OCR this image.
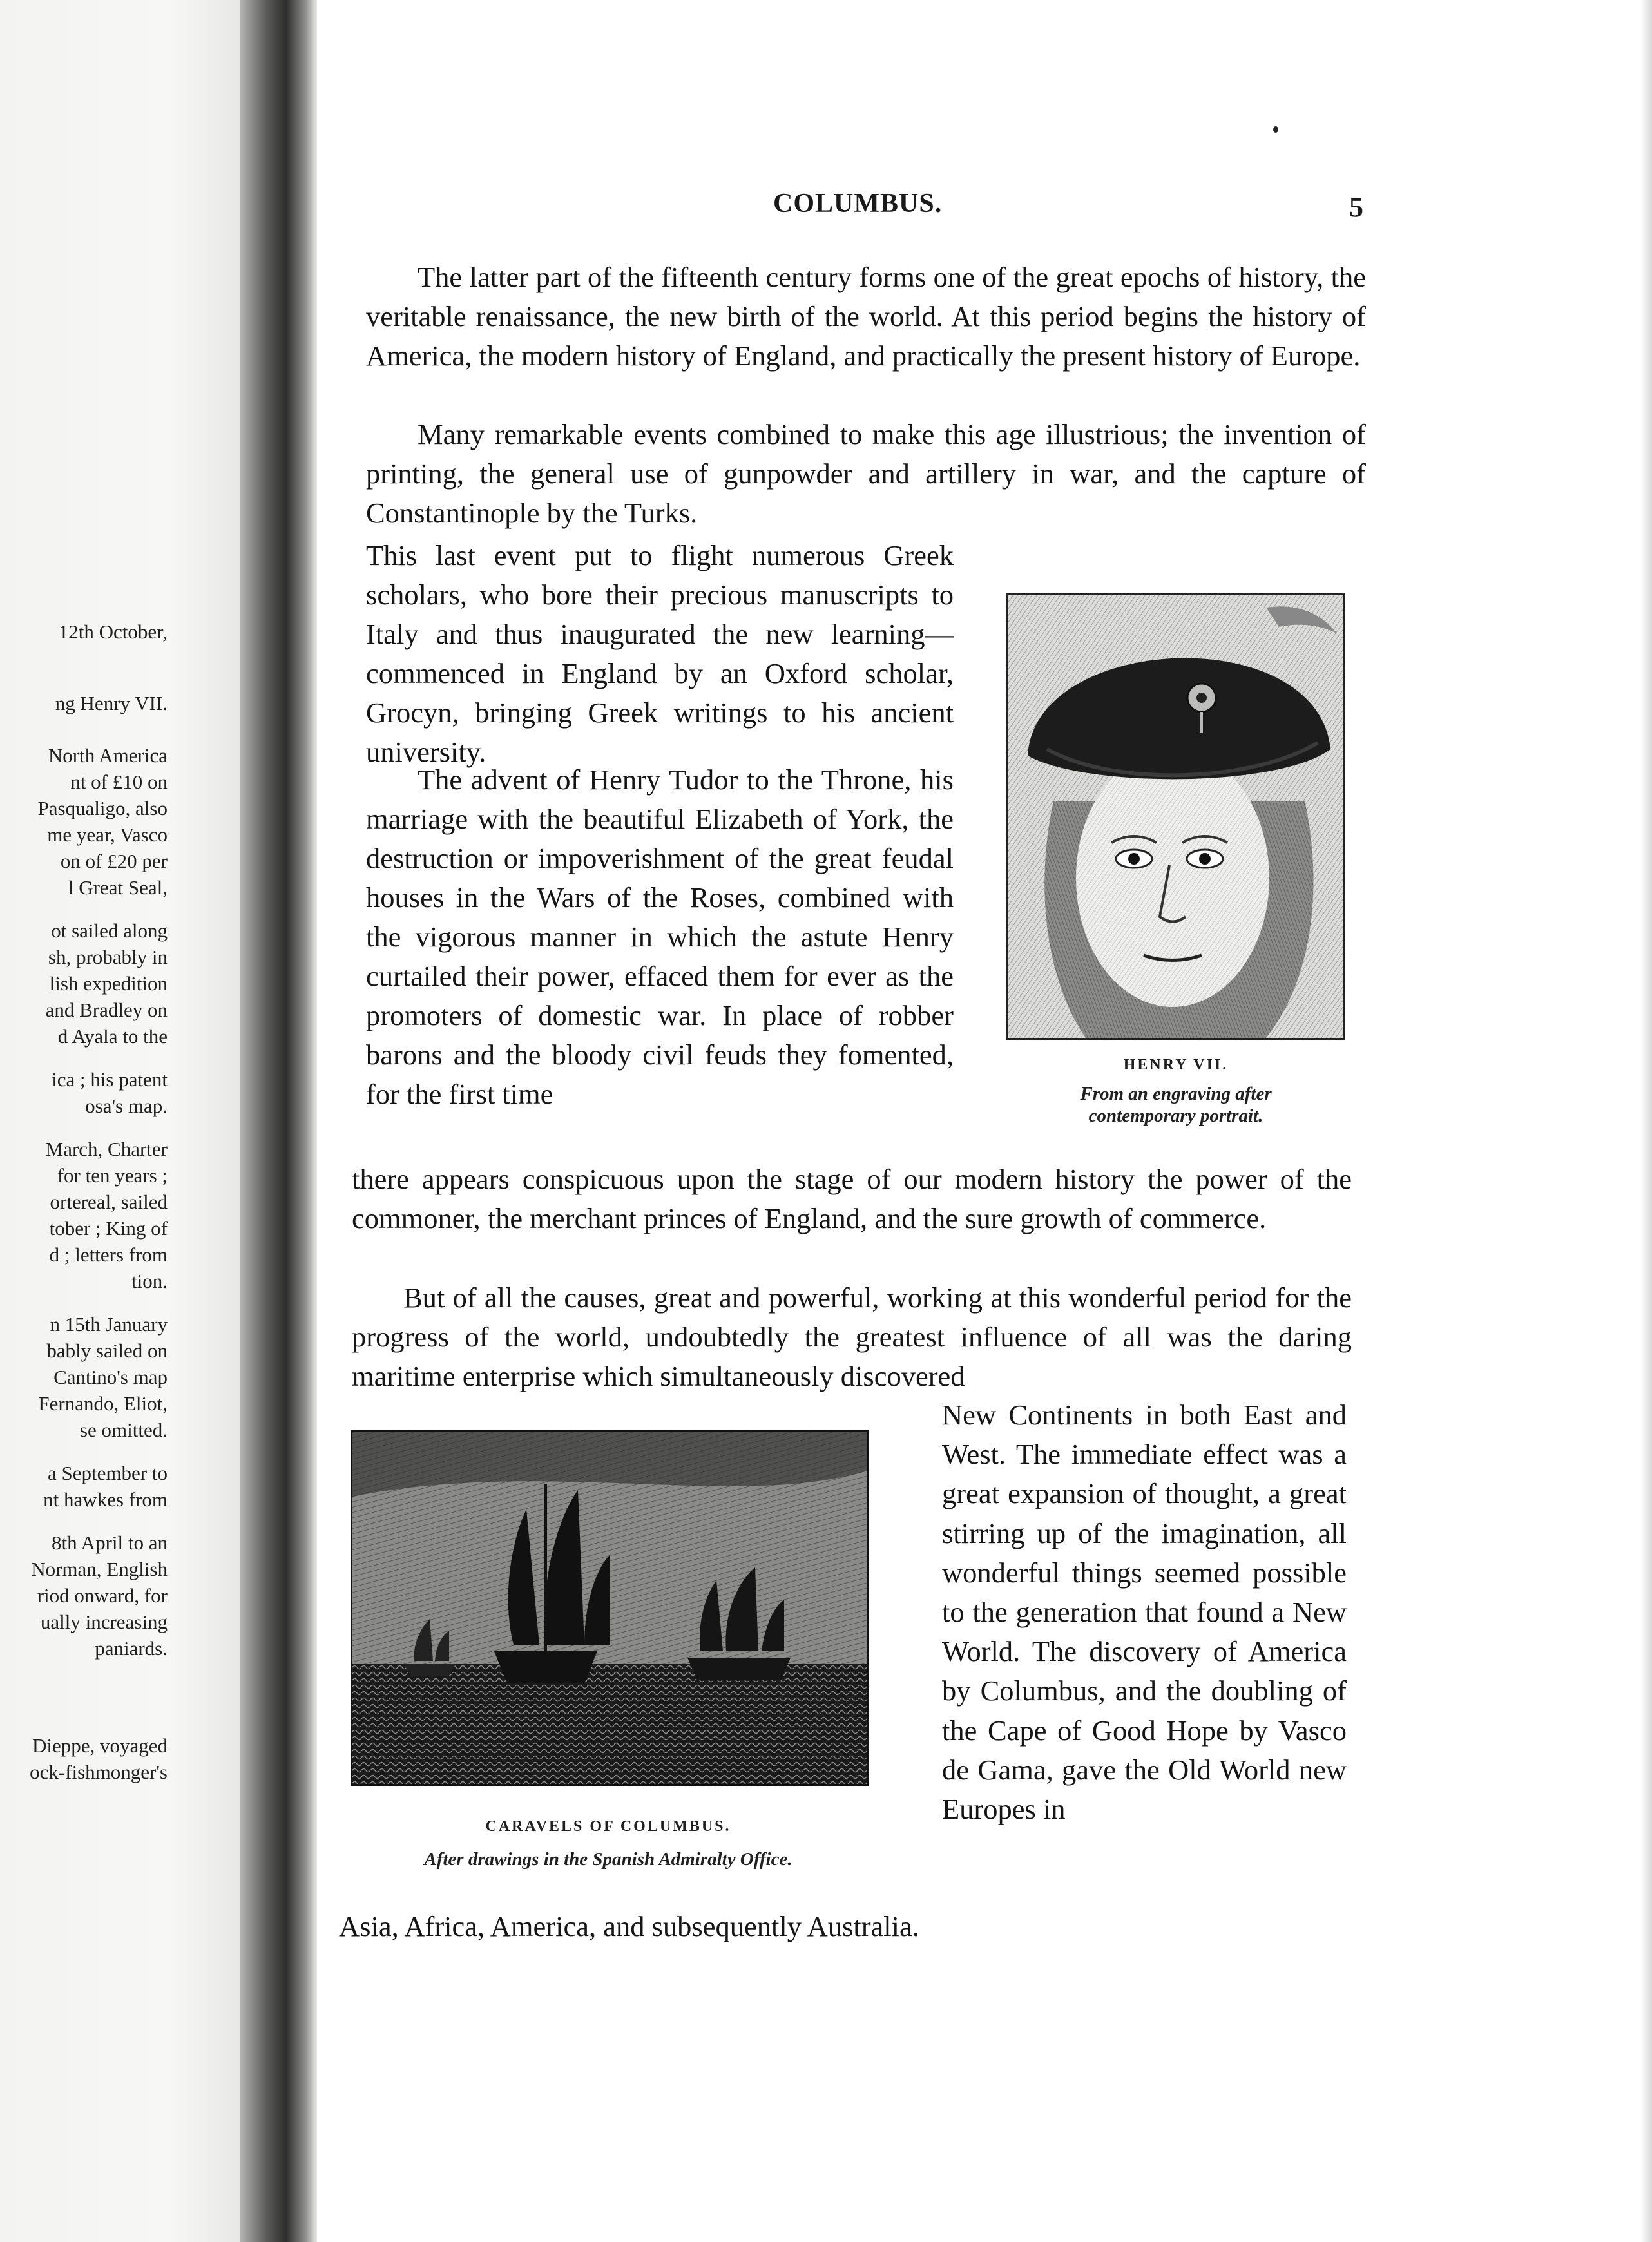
12th October,
ng Henry VII.
North America
nt of £10 on
Pasqualigo, also
me year, Vasco
on of £20 per
l Great Seal,
ot sailed along
sh, probably in
lish expedition
and Bradley on
d Ayala to the
ica ; his patent
osa's map.
March, Charter
for ten years ;
ortereal, sailed
tober ; King of
d ; letters from
tion.
n 15th January
bably sailed on
Cantino's map
Fernando, Eliot,
se omitted.
a September to
nt hawkes from
8th April to an
Norman, English
riod onward, for
ually increasing
paniards.
Dieppe, voyaged
ock-fishmonger's
COLUMBUS.	5

The latter part of the fifteenth century forms one of the great epochs of history, the veritable renaissance, the new birth of the world. At this period begins the history of America, the modern history of England, and practically the present history of Europe.

Many remarkable events combined to make this age illustrious; the invention of printing, the general use of gunpowder and artillery in war, and the capture of Constantinople by the Turks.

This last event put to flight numerous Greek scholars, who bore their precious manuscripts to Italy and thus inaugurated the new learning—commenced in England by an Oxford scholar, Grocyn, bringing Greek writings to his ancient university.

The advent of Henry Tudor to the Throne, his marriage with the beautiful Elizabeth of York, the destruction or impoverishment of the great feudal houses in the Wars of the Roses, combined with the vigorous manner in which the astute Henry curtailed their power, effaced them for ever as the promoters of domestic war. In place of robber barons and the bloody civil feuds they fomented, for the first time

there appears conspicuous upon the stage of our modern history the power of the commoner, the merchant princes of England, and the sure growth of commerce.

But of all the causes, great and powerful, working at this wonderful period for the progress of the world, undoubtedly the greatest influence of all was the daring maritime enterprise which simultaneously discovered

New Continents in both East and West. The immediate effect was a great expansion of thought, a great stirring up of the imagination, all wonderful things seemed possible to the generation that found a New World. The discovery of America by Columbus, and the doubling of the Cape of Good Hope by Vasco de Gama, gave the Old World new Europes in

Asia, Africa, America, and subsequently Australia.

HENRY VII.
From an engraving after contemporary portrait.
CARAVELS OF COLUMBUS.
After drawings in the Spanish Admiralty Office.
